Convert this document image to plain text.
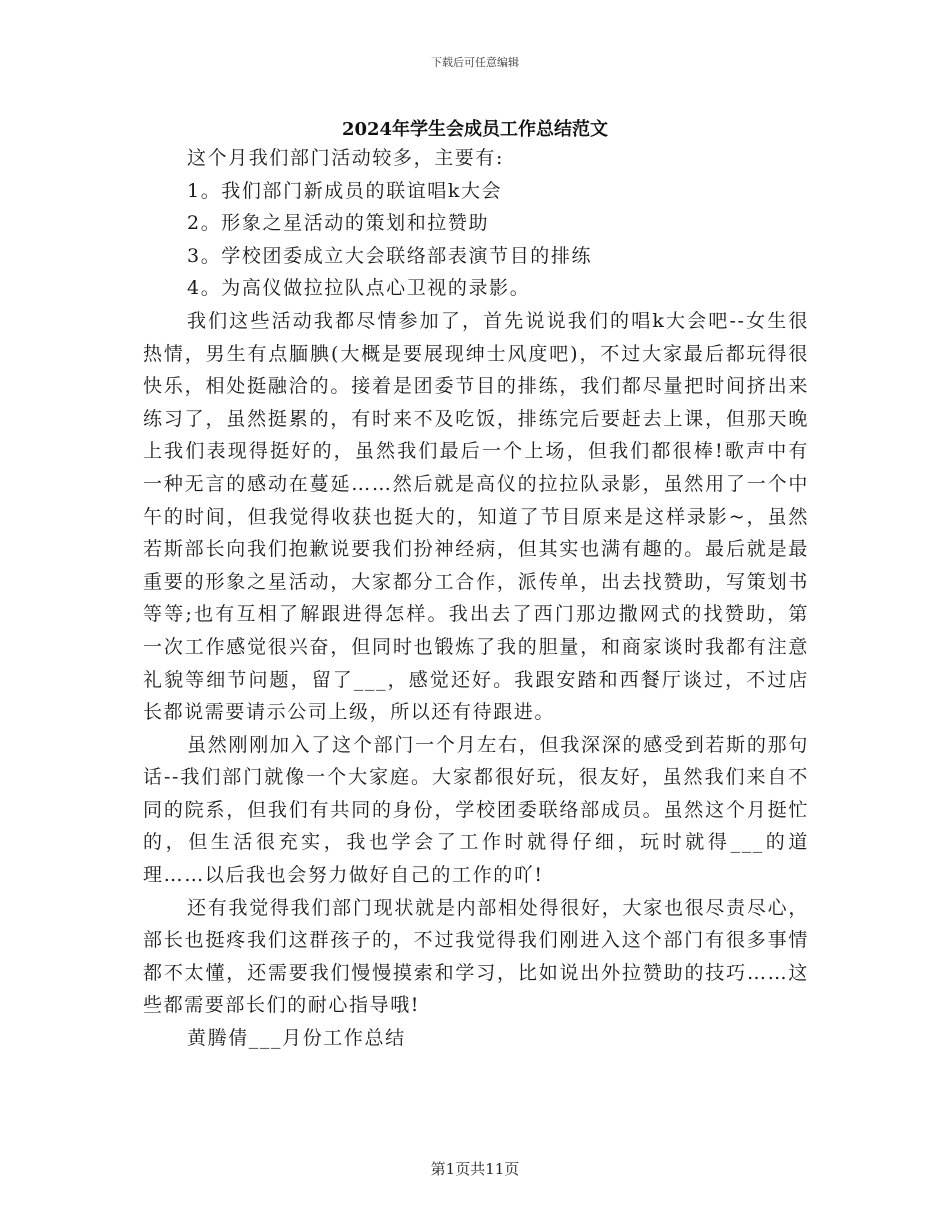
下载后可任意编辑
2024年学生会成员工作总结范文

这个月我们部门活动较多，主要有:

1。我们部门新成员的联谊唱k大会

2。形象之星活动的策划和拉赞助

3。学校团委成立大会联络部表演节目的排练

4。为高仪做拉拉队点心卫视的录影。

我们这些活动我都尽情参加了，首先说说我们的唱k大会吧--女生很热情，男生有点腼腆(大概是要展现绅士风度吧)，不过大家最后都玩得很快乐，相处挺融洽的。接着是团委节目的排练，我们都尽量把时间挤出来练习了，虽然挺累的，有时来不及吃饭，排练完后要赶去上课，但那天晚上我们表现得挺好的，虽然我们最后一个上场，但我们都很棒!歌声中有一种无言的感动在蔓延……然后就是高仪的拉拉队录影，虽然用了一个中午的时间，但我觉得收获也挺大的，知道了节目原来是这样录影~，虽然若斯部长向我们抱歉说要我们扮神经病，但其实也满有趣的。最后就是最重要的形象之星活动，大家都分工合作，派传单，出去找赞助，写策划书等等;也有互相了解跟进得怎样。我出去了西门那边撒网式的找赞助，第一次工作感觉很兴奋，但同时也锻炼了我的胆量，和商家谈时我都有注意礼貌等细节问题，留了___，感觉还好。我跟安踏和西餐厅谈过，不过店长都说需要请示公司上级，所以还有待跟进。

虽然刚刚加入了这个部门一个月左右，但我深深的感受到若斯的那句话--我们部门就像一个大家庭。大家都很好玩，很友好，虽然我们来自不同的院系，但我们有共同的身份，学校团委联络部成员。虽然这个月挺忙的，但生活很充实，我也学会了工作时就得仔细，玩时就得___的道理……以后我也会努力做好自己的工作的吖!

还有我觉得我们部门现状就是内部相处得很好，大家也很尽责尽心，部长也挺疼我们这群孩子的，不过我觉得我们刚进入这个部门有很多事情都不太懂，还需要我们慢慢摸索和学习，比如说出外拉赞助的技巧……这些都需要部长们的耐心指导哦!

黄腾倩___月份工作总结

第1页共11页
